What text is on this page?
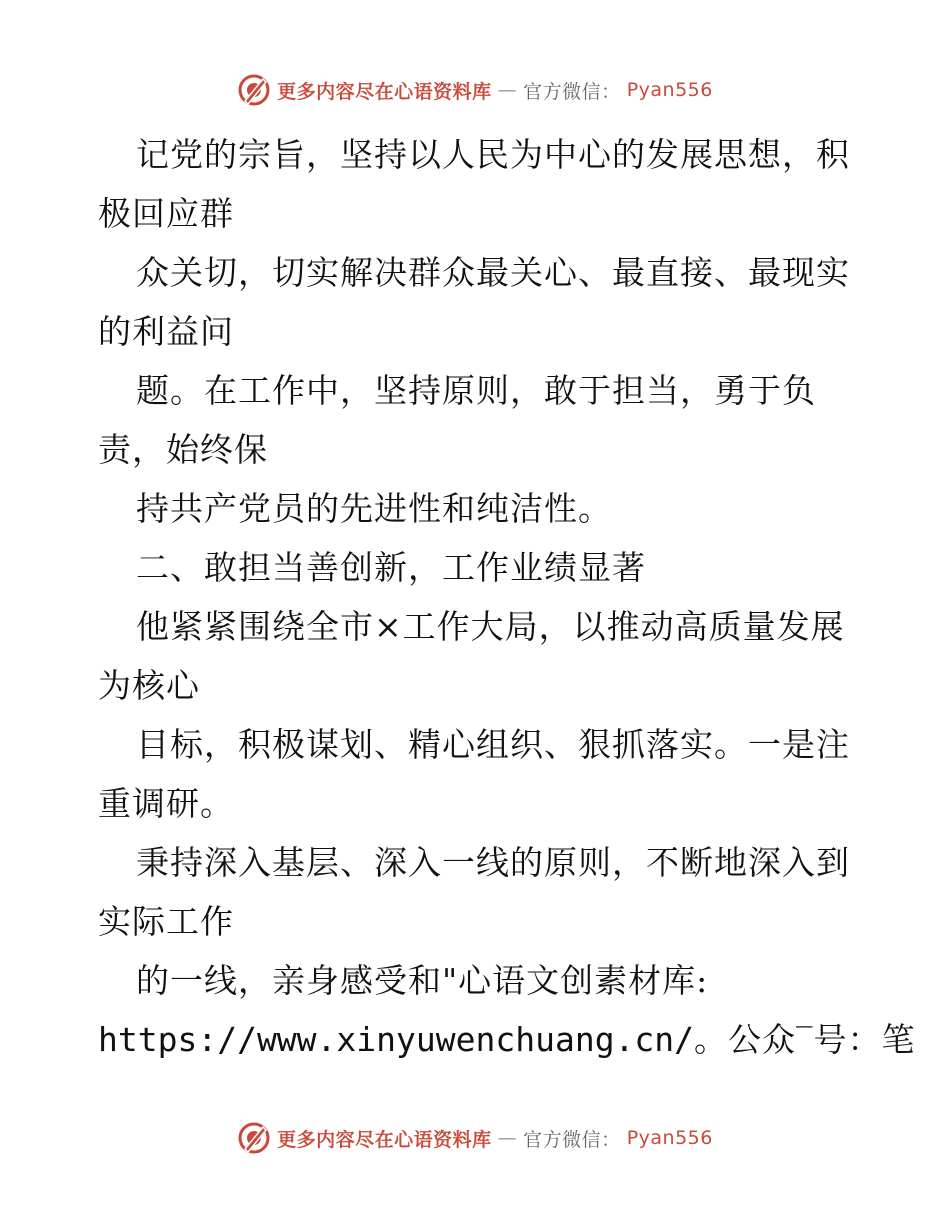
更多内容尽在心语资料库 — 官方微信： Pyan556
记党的宗旨，坚持以人民为中心的发展思想，积
极回应群
众关切，切实解决群众最关心、最直接、最现实
的利益问
题。在工作中，坚持原则，敢于担当，勇于负
责，始终保
持共产党员的先进性和纯洁性。
二、敢担当善创新，工作业绩显著
他紧紧围绕全市×工作大局，以推动高质量发展
为核心
目标，积极谋划、精心组织、狠抓落实。一是注
重调研。
秉持深入基层、深入一线的原则，不断地深入到
实际工作
的一线，亲身感受和"心语文创素材库:
https://www.xinyuwenchuang.cn/。公众‾号：笔
更多内容尽在心语资料库 — 官方微信： Pyan556
